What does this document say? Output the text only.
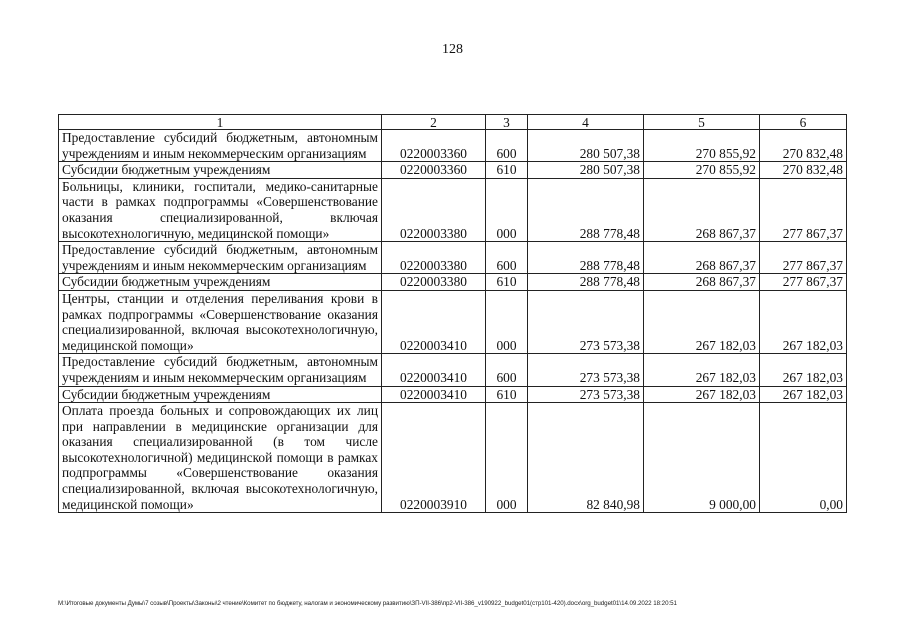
128
1	2	3	4	5	6
Предоставление субсидий бюджетным, автономным учреждениям и иным некоммерческим организациям	0220003360	600	280 507,38	270 855,92	270 832,48
Субсидии бюджетным учреждениям	0220003360	610	280 507,38	270 855,92	270 832,48
Больницы, клиники, госпитали, медико-санитарные части в рамках подпрограммы «Совершенствование оказания специализированной, включая высокотехнологичную, медицинской помощи»	0220003380	000	288 778,48	268 867,37	277 867,37
Предоставление субсидий бюджетным, автономным учреждениям и иным некоммерческим организациям	0220003380	600	288 778,48	268 867,37	277 867,37
Субсидии бюджетным учреждениям	0220003380	610	288 778,48	268 867,37	277 867,37
Центры, станции и отделения переливания крови в рамках подпрограммы «Совершенствование оказания специализированной, включая высокотехнологичную, медицинской помощи»	0220003410	000	273 573,38	267 182,03	267 182,03
Предоставление субсидий бюджетным, автономным учреждениям и иным некоммерческим организациям	0220003410	600	273 573,38	267 182,03	267 182,03
Субсидии бюджетным учреждениям	0220003410	610	273 573,38	267 182,03	267 182,03
Оплата проезда больных и сопровождающих их лиц при направлении в медицинские организации для оказания специализированной (в том числе высокотехнологичной) медицинской помощи в рамках подпрограммы «Совершенствование оказания специализированной, включая высокотехнологичную, медицинской помощи»	0220003910	000	82 840,98	9 000,00	0,00
M:\Итоговые документы Думы\7 созыв\Проекты\Законы\2 чтение\Комитет по бюджету, налогам и экономическому развитию\ЗП-VII-386\пр2-VII-386_v190922_budget01(стр101-420).docx\org_budget01\14.09.2022 18:20:51
